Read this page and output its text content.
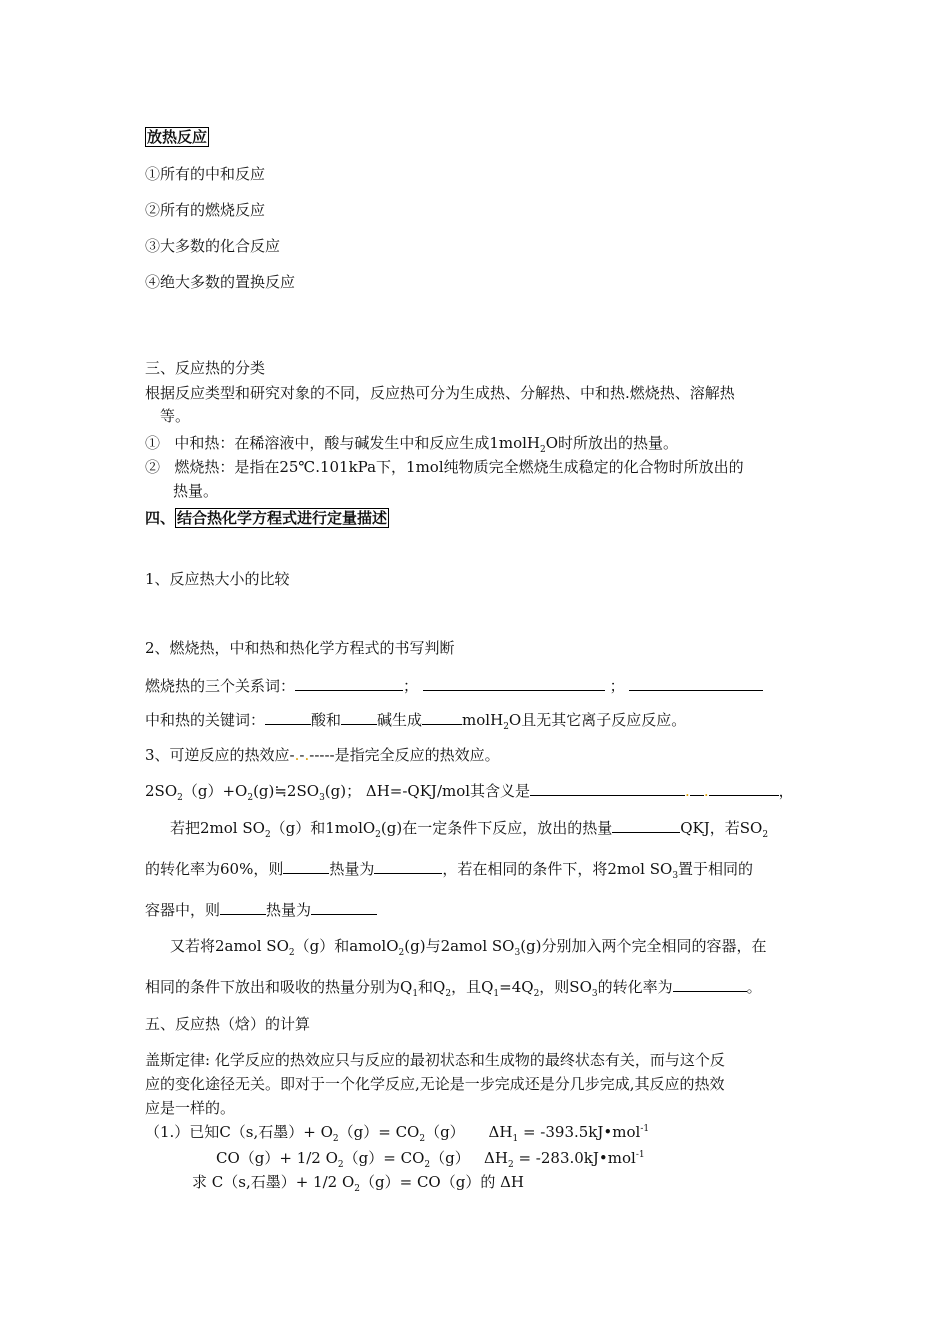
放热反应
①所有的中和反应
②所有的燃烧反应
③大多数的化合反应
④绝大多数的置换反应
三、反应热的分类
根据反应类型和研究对象的不同，反应热可分为生成热、分解热、中和热.燃烧热、溶解热
等。
① 中和热：在稀溶液中，酸与碱发生中和反应生成1molH$_2$O时所放出的热量。
② 燃烧热：是指在25℃.101kPa下，1mol纯物质完全燃烧生成稳定的化合物时所放出的
热量。
四、 结合热化学方程式进行定量描述
1、反应热大小的比较
2、燃烧热，中和热和热化学方程式的书写判断
燃烧热的三个关系词：	；	；
中和热的关键词：	酸和 碱生成	molH$_2$O且无其它离子反应反应。
3、可逆反应的热效应-.-.-----是指完全反应的热效应。
$2SO_2(g)+O_2(g)≒2SO_3(g)$； ΔH=-QKJ/mol其含义是	. .	，
若把2mol $SO_2(g)$和1molO$_2$(g)在一定条件下反应，放出的热量	QKJ，若$SO_2$
的转化率为60%，则	热量为	，若在相同的条件下，将2mol $SO_3$置于相同的
容器中，则	热量为
又若将2amol $SO_2(g)$和amolO$_2$(g)与2amol $SO_3(g)$分别加入两个完全相同的容器，在
相同的条件下放出和吸收的热量分别为$Q_1$和$Q_2$，且$Q_1=4Q_2$，则$SO_3$的转化率为	。
五、反应热（焓）的计算
盖斯定律: 化学反应的热效应只与反应的最初状态和生成物的最终状态有关，而与这个反
应的变化途径无关。即对于一个化学反应,无论是一步完成还是分几步完成,其反应的热效
应是一样的。
（1.）已知C（s,石墨）+ $O_2(g)= CO_2(g) \Delta H_1$ = -393.5kJ•mol$^{-1}$
CO（g）+ 1/2 $O_2(g)= CO_2(g) \Delta H_2$ = -283.0kJ•mol$^{-1}$
求 C（s,石墨）+ 1/2 $O_2(g)= CO(g)$的 ΔH
